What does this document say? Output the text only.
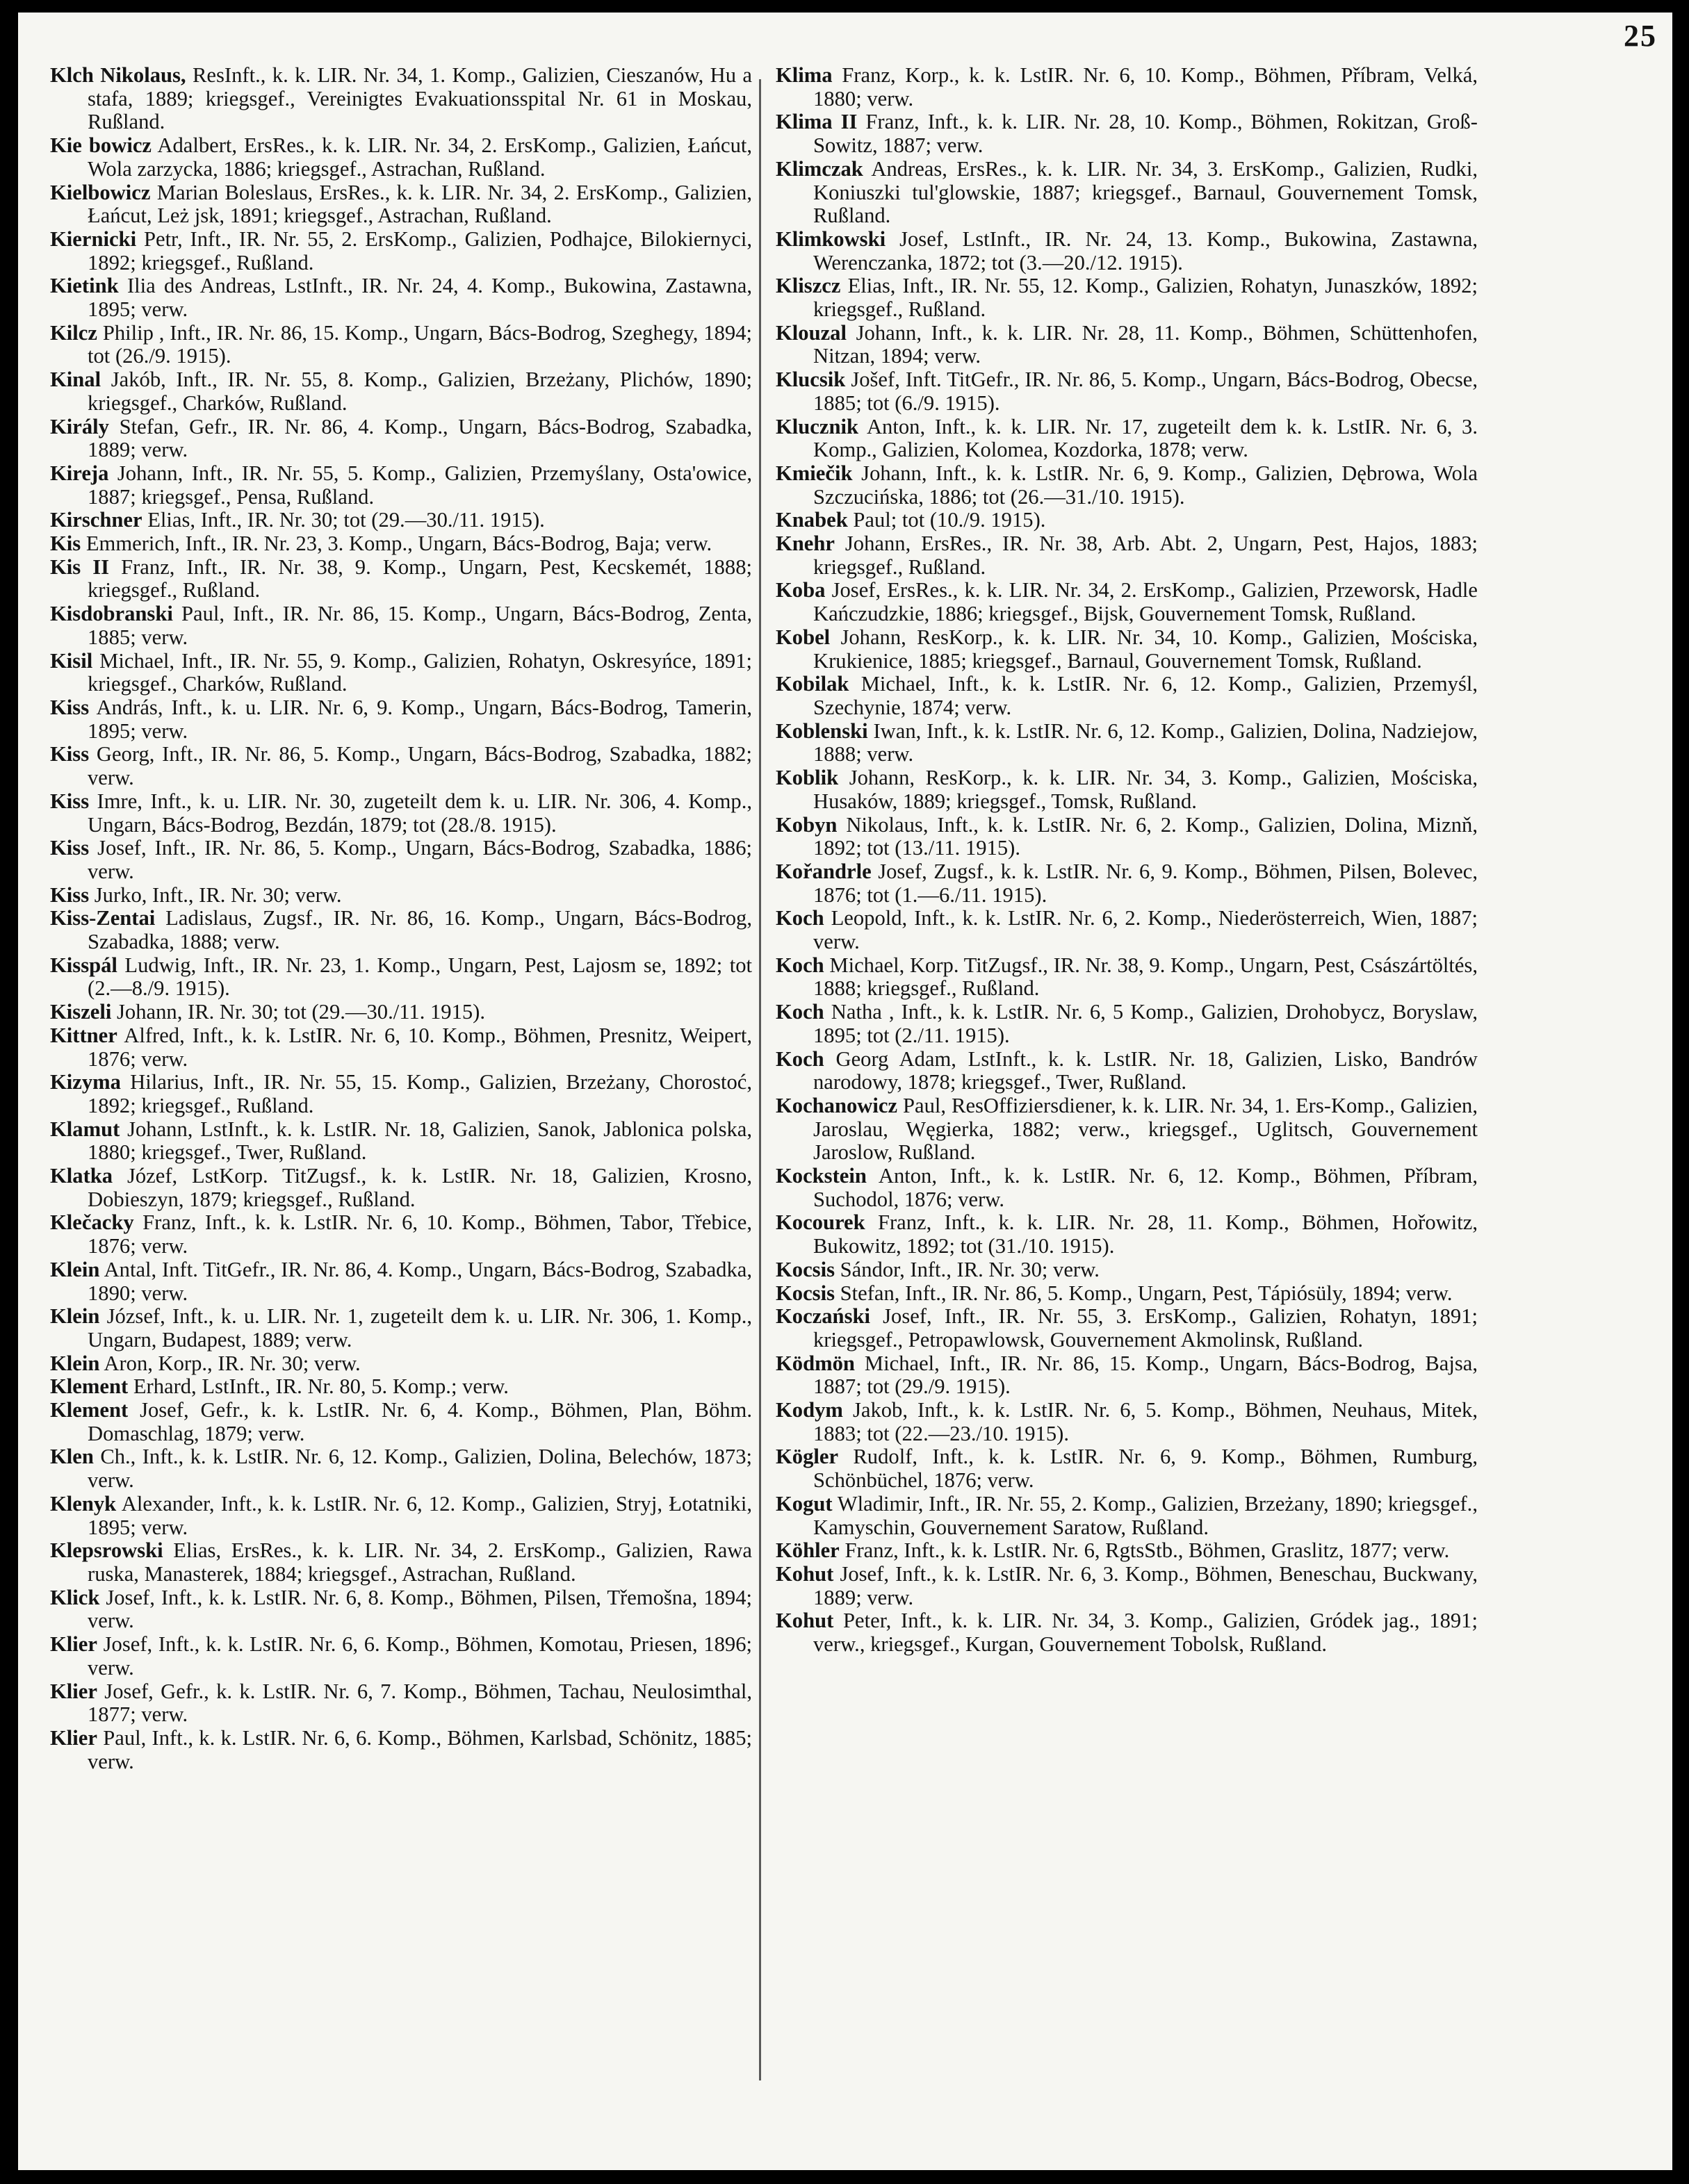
25

Klch Nikolaus, ResInft., k. k. LIR. Nr. 34, 1. Komp., Galizien, Cieszanów, Hu a stafa, 1889; kriegsgef., Vereinigtes Evakuationsspital Nr. 61 in Moskau, Rußland.

Kie bowicz Adalbert, ErsRes., k. k. LIR. Nr. 34, 2. ErsKomp., Galizien, Łańcut, Wola zarzycka, 1886; kriegsgef., Astrachan, Rußland.

Kielbowicz Marian Boleslaus, ErsRes., k. k. LIR. Nr. 34, 2. ErsKomp., Galizien, Łańcut, Leż jsk, 1891; kriegsgef., Astrachan, Rußland.

Kiernicki Petr, Inft., IR. Nr. 55, 2. ErsKomp., Galizien, Podhajce, Bilokiernyci, 1892; kriegsgef., Rußland.

Kietink Ilia des Andreas, LstInft., IR. Nr. 24, 4. Komp., Bukowina, Zastawna, 1895; verw.

Kilcz Philip , Inft., IR. Nr. 86, 15. Komp., Ungarn, Bács-Bodrog, Szeghegy, 1894; tot (26./9. 1915).

Kinal Jakób, Inft., IR. Nr. 55, 8. Komp., Galizien, Brzeżany, Plichów, 1890; kriegsgef., Charków, Rußland.

Király Stefan, Gefr., IR. Nr. 86, 4. Komp., Ungarn, Bács-Bodrog, Szabadka, 1889; verw.

Kireja Johann, Inft., IR. Nr. 55, 5. Komp., Galizien, Przemyślany, Osta'owice, 1887; kriegsgef., Pensa, Rußland.

Kirschner Elias, Inft., IR. Nr. 30; tot (29.—30./11. 1915).

Kis Emmerich, Inft., IR. Nr. 23, 3. Komp., Ungarn, Bács-Bodrog, Baja; verw.

Kis II Franz, Inft., IR. Nr. 38, 9. Komp., Ungarn, Pest, Kecskemét, 1888; kriegsgef., Rußland.

Kisdobranski Paul, Inft., IR. Nr. 86, 15. Komp., Ungarn, Bács-Bodrog, Zenta, 1885; verw.

Kisil Michael, Inft., IR. Nr. 55, 9. Komp., Galizien, Rohatyn, Oskresyńce, 1891; kriegsgef., Charków, Rußland.

Kiss András, Inft., k. u. LIR. Nr. 6, 9. Komp., Ungarn, Bács-Bodrog, Tamerin, 1895; verw.

Kiss Georg, Inft., IR. Nr. 86, 5. Komp., Ungarn, Bács-Bodrog, Szabadka, 1882; verw.

Kiss Imre, Inft., k. u. LIR. Nr. 30, zugeteilt dem k. u. LIR. Nr. 306, 4. Komp., Ungarn, Bács-Bodrog, Bezdán, 1879; tot (28./8. 1915).

Kiss Josef, Inft., IR. Nr. 86, 5. Komp., Ungarn, Bács-Bodrog, Szabadka, 1886; verw.

Kiss Jurko, Inft., IR. Nr. 30; verw.

Kiss-Zentai Ladislaus, Zugsf., IR. Nr. 86, 16. Komp., Ungarn, Bács-Bodrog, Szabadka, 1888; verw.

Kisspál Ludwig, Inft., IR. Nr. 23, 1. Komp., Ungarn, Pest, Lajosm se, 1892; tot (2.—8./9. 1915).

Kiszeli Johann, IR. Nr. 30; tot (29.—30./11. 1915).

Kittner Alfred, Inft., k. k. LstIR. Nr. 6, 10. Komp., Böhmen, Presnitz, Weipert, 1876; verw.

Kizyma Hilarius, Inft., IR. Nr. 55, 15. Komp., Galizien, Brzeżany, Chorostoć, 1892; kriegsgef., Rußland.

Klamut Johann, LstInft., k. k. LstIR. Nr. 18, Galizien, Sanok, Jablonica polska, 1880; kriegsgef., Twer, Rußland.

Klatka Józef, LstKorp. TitZugsf., k. k. LstIR. Nr. 18, Galizien, Krosno, Dobieszyn, 1879; kriegsgef., Rußland.

Klečacky Franz, Inft., k. k. LstIR. Nr. 6, 10. Komp., Böhmen, Tabor, Třebice, 1876; verw.

Klein Antal, Inft. TitGefr., IR. Nr. 86, 4. Komp., Ungarn, Bács-Bodrog, Szabadka, 1890; verw.

Klein József, Inft., k. u. LIR. Nr. 1, zugeteilt dem k. u. LIR. Nr. 306, 1. Komp., Ungarn, Budapest, 1889; verw.

Klein Aron, Korp., IR. Nr. 30; verw.

Klement Erhard, LstInft., IR. Nr. 80, 5. Komp.; verw.

Klement Josef, Gefr., k. k. LstIR. Nr. 6, 4. Komp., Böhmen, Plan, Böhm. Domaschlag, 1879; verw.

Klen Ch., Inft., k. k. LstIR. Nr. 6, 12. Komp., Galizien, Dolina, Belechów, 1873; verw.

Klenyk Alexander, Inft., k. k. LstIR. Nr. 6, 12. Komp., Galizien, Stryj, Łotatniki, 1895; verw.

Klepsrowski Elias, ErsRes., k. k. LIR. Nr. 34, 2. ErsKomp., Galizien, Rawa ruska, Manasterek, 1884; kriegsgef., Astrachan, Rußland.

Klick Josef, Inft., k. k. LstIR. Nr. 6, 8. Komp., Böhmen, Pilsen, Třemošna, 1894; verw.

Klier Josef, Inft., k. k. LstIR. Nr. 6, 6. Komp., Böhmen, Komotau, Priesen, 1896; verw.

Klier Josef, Gefr., k. k. LstIR. Nr. 6, 7. Komp., Böhmen, Tachau, Neulosimthal, 1877; verw.

Klier Paul, Inft., k. k. LstIR. Nr. 6, 6. Komp., Böhmen, Karlsbad, Schönitz, 1885; verw.

Klima Franz, Korp., k. k. LstIR. Nr. 6, 10. Komp., Böhmen, Příbram, Velká, 1880; verw.

Klima II Franz, Inft., k. k. LIR. Nr. 28, 10. Komp., Böhmen, Rokitzan, Groß-Sowitz, 1887; verw.

Klimczak Andreas, ErsRes., k. k. LIR. Nr. 34, 3. ErsKomp., Galizien, Rudki, Koniuszki tul'glowskie, 1887; kriegsgef., Barnaul, Gouvernement Tomsk, Rußland.

Klimkowski Josef, LstInft., IR. Nr. 24, 13. Komp., Bukowina, Zastawna, Werenczanka, 1872; tot (3.—20./12. 1915).

Kliszcz Elias, Inft., IR. Nr. 55, 12. Komp., Galizien, Rohatyn, Junaszków, 1892; kriegsgef., Rußland.

Klouzal Johann, Inft., k. k. LIR. Nr. 28, 11. Komp., Böhmen, Schüttenhofen, Nitzan, 1894; verw.

Klucsik Jošef, Inft. TitGefr., IR. Nr. 86, 5. Komp., Ungarn, Bács-Bodrog, Obecse, 1885; tot (6./9. 1915).

Klucznik Anton, Inft., k. k. LIR. Nr. 17, zugeteilt dem k. k. LstIR. Nr. 6, 3. Komp., Galizien, Kolomea, Kozdorka, 1878; verw.

Kmiečik Johann, Inft., k. k. LstIR. Nr. 6, 9. Komp., Galizien, Dębrowa, Wola Szczucińska, 1886; tot (26.—31./10. 1915).

Knabek Paul; tot (10./9. 1915).

Knehr Johann, ErsRes., IR. Nr. 38, Arb. Abt. 2, Ungarn, Pest, Hajos, 1883; kriegsgef., Rußland.

Koba Josef, ErsRes., k. k. LIR. Nr. 34, 2. ErsKomp., Galizien, Przeworsk, Hadle Kańczudzkie, 1886; kriegsgef., Bijsk, Gouvernement Tomsk, Rußland.

Kobel Johann, ResKorp., k. k. LIR. Nr. 34, 10. Komp., Galizien, Mościska, Krukienice, 1885; kriegsgef., Barnaul, Gouvernement Tomsk, Rußland.

Kobilak Michael, Inft., k. k. LstIR. Nr. 6, 12. Komp., Galizien, Przemyśl, Szechynie, 1874; verw.

Koblenski Iwan, Inft., k. k. LstIR. Nr. 6, 12. Komp., Galizien, Dolina, Nadziejow, 1888; verw.

Koblik Johann, ResKorp., k. k. LIR. Nr. 34, 3. Komp., Galizien, Mościska, Husaków, 1889; kriegsgef., Tomsk, Rußland.

Kobyn Nikolaus, Inft., k. k. LstIR. Nr. 6, 2. Komp., Galizien, Dolina, Miznň, 1892; tot (13./11. 1915).

Kořandrle Josef, Zugsf., k. k. LstIR. Nr. 6, 9. Komp., Böhmen, Pilsen, Bolevec, 1876; tot (1.—6./11. 1915).

Koch Leopold, Inft., k. k. LstIR. Nr. 6, 2. Komp., Niederösterreich, Wien, 1887; verw.

Koch Michael, Korp. TitZugsf., IR. Nr. 38, 9. Komp., Ungarn, Pest, Császártöltés, 1888; kriegsgef., Rußland.

Koch Natha , Inft., k. k. LstIR. Nr. 6, 5 Komp., Galizien, Drohobycz, Boryslaw, 1895; tot (2./11. 1915).

Koch Georg Adam, LstInft., k. k. LstIR. Nr. 18, Galizien, Lisko, Bandrów narodowy, 1878; kriegsgef., Twer, Rußland.

Kochanowicz Paul, ResOffiziersdiener, k. k. LIR. Nr. 34, 1. Ers-Komp., Galizien, Jaroslau, Węgierka, 1882; verw., kriegsgef., Uglitsch, Gouvernement Jaroslow, Rußland.

Kockstein Anton, Inft., k. k. LstIR. Nr. 6, 12. Komp., Böhmen, Příbram, Suchodol, 1876; verw.

Kocourek Franz, Inft., k. k. LIR. Nr. 28, 11. Komp., Böhmen, Hořowitz, Bukowitz, 1892; tot (31./10. 1915).

Kocsis Sándor, Inft., IR. Nr. 30; verw.

Kocsis Stefan, Inft., IR. Nr. 86, 5. Komp., Ungarn, Pest, Tápiósüly, 1894; verw.

Koczański Josef, Inft., IR. Nr. 55, 3. ErsKomp., Galizien, Rohatyn, 1891; kriegsgef., Petropawlowsk, Gouvernement Akmolinsk, Rußland.

Ködmön Michael, Inft., IR. Nr. 86, 15. Komp., Ungarn, Bács-Bodrog, Bajsa, 1887; tot (29./9. 1915).

Kodym Jakob, Inft., k. k. LstIR. Nr. 6, 5. Komp., Böhmen, Neuhaus, Mitek, 1883; tot (22.—23./10. 1915).

Kögler Rudolf, Inft., k. k. LstIR. Nr. 6, 9. Komp., Böhmen, Rumburg, Schönbüchel, 1876; verw.

Kogut Wladimir, Inft., IR. Nr. 55, 2. Komp., Galizien, Brzeżany, 1890; kriegsgef., Kamyschin, Gouvernement Saratow, Rußland.

Köhler Franz, Inft., k. k. LstIR. Nr. 6, RgtsStb., Böhmen, Graslitz, 1877; verw.

Kohut Josef, Inft., k. k. LstIR. Nr. 6, 3. Komp., Böhmen, Beneschau, Buckwany, 1889; verw.

Kohut Peter, Inft., k. k. LIR. Nr. 34, 3. Komp., Galizien, Gródek jag., 1891; verw., kriegsgef., Kurgan, Gouvernement Tobolsk, Rußland.
